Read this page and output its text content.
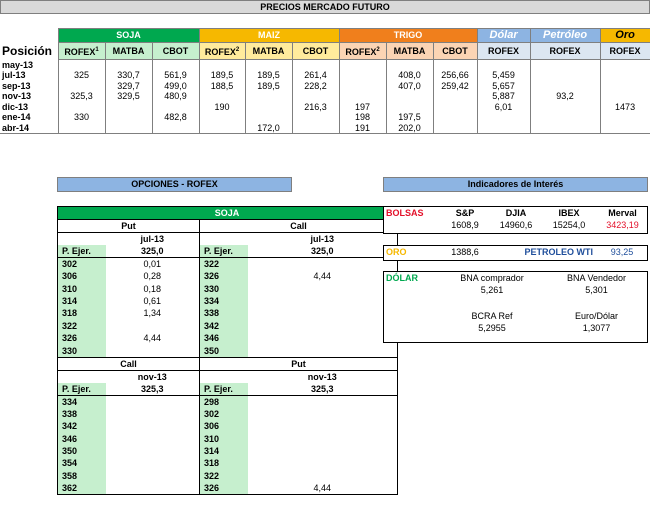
PRECIOS MERCADO FUTURO
	SOJA			MAIZ			TRIGO			Dólar	Petróleo	Oro
Posición	ROFEX$^1$	MATBA	CBOT	ROFEX$^2$	MATBA	CBOT	ROFEX$^2$	MATBA	CBOT	ROFEX	ROFEX	ROFEX
may-13												
jul-13	325	330,7	561,9	189,5	189,5	261,4		408,0	256,66	5,459		
sep-13		329,7	499,0	188,5	189,5	228,2		407,0	259,42	5,657		
nov-13	325,3	329,5	480,9							5,887	93,2	
dic-13				190		216,3	197			6,01		1473
ene-14	330		482,8				198	197,5				
abr-14					172,0		191	202,0				
OPCIONES - ROFEX	Indicadores de Interés
SOJA
Put		Call	
	jul-13		jul-13
P. Ejer.	325,0	P. Ejer.	325,0
302	0,01	322	
306	0,28	326	4,44
310	0,18	330	
314	0,61	334	
318	1,34	338	
322		342	
326	4,44	346	
330		350	
Call		Put	
	nov-13		nov-13
P. Ejer.	325,3	P. Ejer.	325,3
334		298	
338		302	
342		306	
346		310	
350		314	
354		318	
358		322	
362		326	4,44
BOLSAS	S&P	DJIA	IBEX	Merval
	1608,9	14960,6	15254,0	3423,19
ORO	1388,6	PETROLEO WTI	93,25
DÓLAR	BNA comprador	BNA Vendedor
	5,261	5,301

	BCRA Ref	Euro/Dólar
	5,2955	1,3077
